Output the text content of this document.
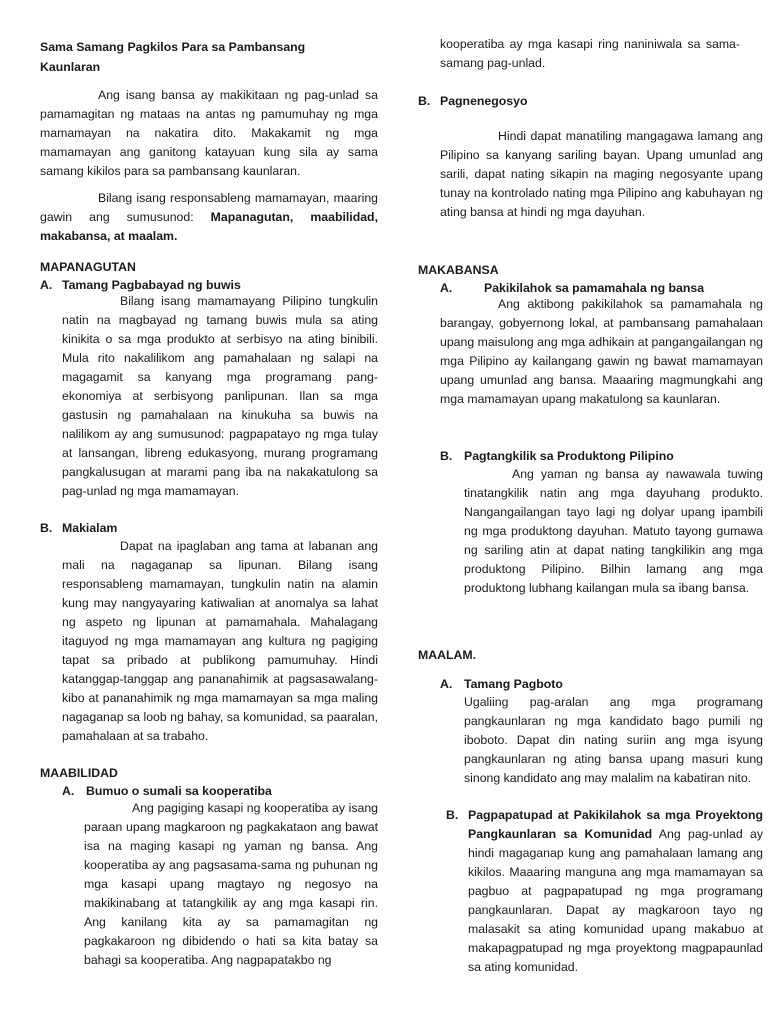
Sama Samang Pagkilos Para sa Pambansang Kaunlaran

Ang isang bansa ay makikitaan ng pag-unlad sa pamamagitan ng mataas na antas ng pamumuhay ng mga mamamayan na nakatira dito. Makakamit ng mga mamamayan ang ganitong katayuan kung sila ay sama samang kikilos para sa pambansang kaunlaran.

Bilang isang responsableng mamamayan, maaring gawin ang sumusunod: Mapanagutan, maabilidad, makabansa, at maalam.

MAPANAGUTAN

A. Tamang Pagbabayad ng buwis

Bilang isang mamamayang Pilipino tungkulin natin na magbayad ng tamang buwis mula sa ating kinikita o sa mga produkto at serbisyo na ating binibili. Mula rito nakalilikom ang pamahalaan ng salapi na magagamit sa kanyang mga programang pang-ekonomiya at serbisyong panlipunan. Ilan sa mga gastusin ng pamahalaan na kinukuha sa buwis na nalilikom ay ang sumusunod: pagpapatayo ng mga tulay at lansangan, libreng edukasyong, murang programang pangkalusugan at marami pang iba na nakakatulong sa pag-unlad ng mga mamamayan.

B. Makialam

Dapat na ipaglaban ang tama at labanan ang mali na nagaganap sa lipunan. Bilang isang responsableng mamamayan, tungkulin natin na alamin kung may nangyayaring katiwalian at anomalya sa lahat ng aspeto ng lipunan at pamamahala. Mahalagang itaguyod ng mga mamamayan ang kultura ng pagiging tapat sa pribado at publikong pamumuhay. Hindi katanggap-tanggap ang pananahimik at pagsasawalang-kibo at pananahimik ng mga mamamayan sa mga maling nagaganap sa loob ng bahay, sa komunidad, sa paaralan, pamahalaan at sa trabaho.

MAABILIDAD

A. Bumuo o sumali sa kooperatiba

Ang pagiging kasapi ng kooperatiba ay isang paraan upang magkaroon ng pagkakataon ang bawat isa na maging kasapi ng yaman ng bansa. Ang kooperatiba ay ang pagsasama-sama ng puhunan ng mga kasapi upang magtayo ng negosyo na makikinabang at tatangkilik ay ang mga kasapi rin. Ang kanilang kita ay sa pamamagitan ng pagkakaroon ng dibidendo o hati sa kita batay sa bahagi sa kooperatiba. Ang nagpapatakbo ng

kooperatiba ay mga kasapi ring naniniwala sa sama-samang pag-unlad.

B. Pagnenegosyo

Hindi dapat manatiling mangagawa lamang ang Pilipino sa kanyang sariling bayan. Upang umunlad ang sarili, dapat nating sikapin na maging negosyante upang tunay na kontrolado nating mga Pilipino ang kabuhayan ng ating bansa at hindi ng mga dayuhan.

MAKABANSA

A.	Pakikilahok sa pamamahala ng bansa

Ang aktibong pakikilahok sa pamamahala ng barangay, gobyernong lokal, at pambansang pamahalaan upang maisulong ang mga adhikain at pangangailangan ng mga Pilipino ay kailangang gawin ng bawat mamamayan upang umunlad ang bansa. Maaaring magmungkahi ang mga mamamayan upang makatulong sa kaunlaran.

B. Pagtangkilik sa Produktong Pilipino

Ang yaman ng bansa ay nawawala tuwing tinatangkilik natin ang mga dayuhang produkto. Nangangailangan tayo lagi ng dolyar upang ipambili ng mga produktong dayuhan. Matuto tayong gumawa ng sariling atin at dapat nating tangkilikin ang mga produktong Pilipino. Bilhin lamang ang mga produktong lubhang kailangan mula sa ibang bansa.

MAALAM.

A. Tamang Pagboto

Ugaliing pag-aralan ang mga programang pangkaunlaran ng mga kandidato bago pumili ng iboboto. Dapat din nating suriin ang mga isyung pangkaunlaran ng ating bansa upang masuri kung sinong kandidato ang may malalim na kabatiran nito.

B. Pagpapatupad at Pakikilahok sa mga Proyektong Pangkaunlaran sa Komunidad Ang pag-unlad ay hindi magaganap kung ang pamahalaan lamang ang kikilos. Maaaring manguna ang mga mamamayan sa pagbuo at pagpapatupad ng mga programang pangkaunlaran. Dapat ay magkaroon tayo ng malasakit sa ating komunidad upang makabuo at makapagpatupad ng mga proyektong magpapaunlad sa ating komunidad.
